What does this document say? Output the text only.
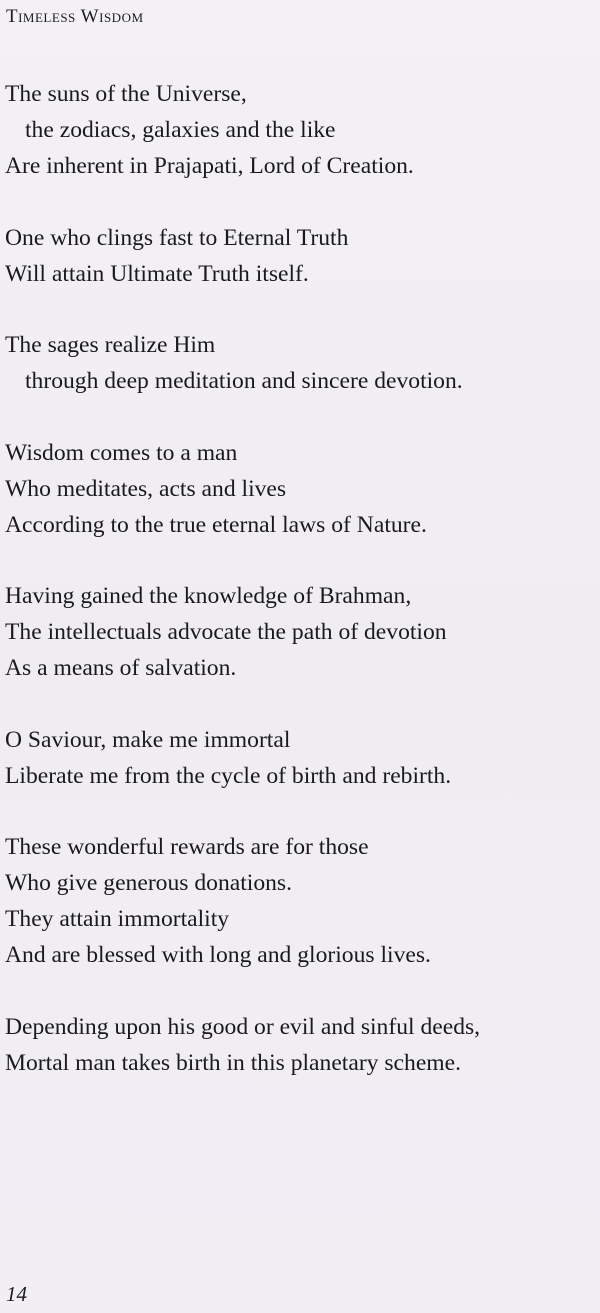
Timeless Wisdom
The suns of the Universe,
the zodiacs, galaxies and the like
Are inherent in Prajapati, Lord of Creation.
One who clings fast to Eternal Truth
Will attain Ultimate Truth itself.
The sages realize Him
through deep meditation and sincere devotion.
Wisdom comes to a man
Who meditates, acts and lives
According to the true eternal laws of Nature.
Having gained the knowledge of Brahman,
The intellectuals advocate the path of devotion
As a means of salvation.
O Saviour, make me immortal
Liberate me from the cycle of birth and rebirth.
These wonderful rewards are for those
Who give generous donations.
They attain immortality
And are blessed with long and glorious lives.
Depending upon his good or evil and sinful deeds,
Mortal man takes birth in this planetary scheme.
14
